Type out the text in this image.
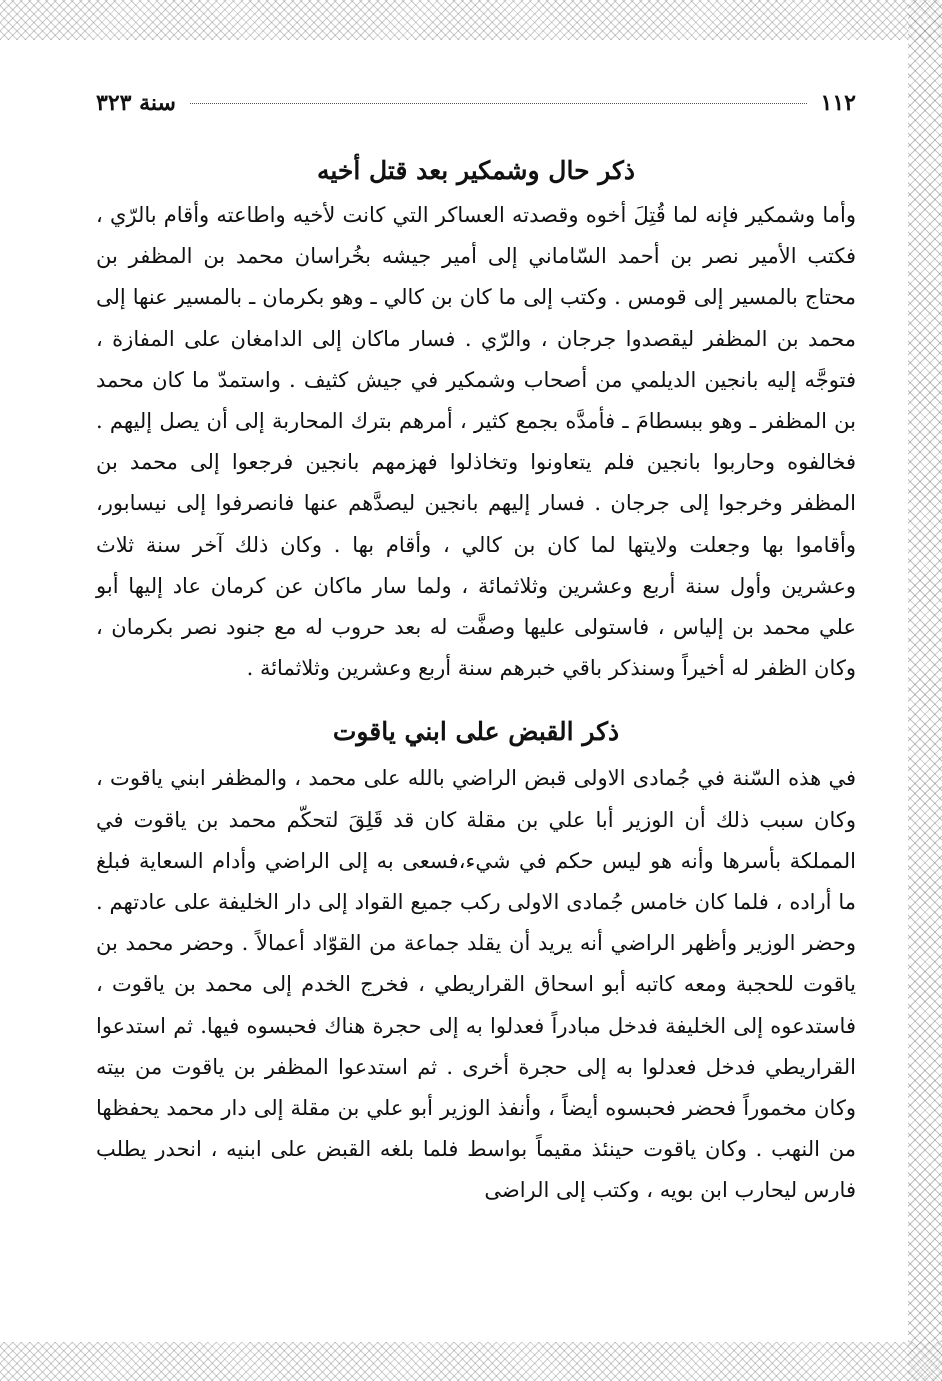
١١٢
سنة ٣٢٣
ذكر حال وشمكير بعد قتل أخيه

وأما وشمكير فإنه لما قُتِلَ أخوه وقصدته العساكر التي كانت لأخيه واطاعته وأقام بالرّي ، فكتب الأمير نصر بن أحمد السّاماني إلى أمير جيشه بخُراسان محمد بن المظفر بن محتاج بالمسير إلى قومس . وكتب إلى ما كان بن كالي ـ وهو بكرمان ـ بالمسير عنها إلى محمد بن المظفر ليقصدوا جرجان ، والرّي . فسار ماكان إلى الدامغان على المفازة ، فتوجَّه إليه بانجين الديلمي من أصحاب وشمكير في جيش كثيف . واستمدّ ما كان محمد بن المظفر ـ وهو ببسطامَ ـ فأمدَّه بجمع كثير ، أمرهم بترك المحاربة إلى أن يصل إليهم . فخالفوه وحاربوا بانجين فلم يتعاونوا وتخاذلوا فهزمهم بانجين فرجعوا إلى محمد بن المظفر وخرجوا إلى جرجان . فسار إليهم بانجين ليصدَّهم عنها فانصرفوا إلى نيسابور، وأقاموا بها وجعلت ولايتها لما كان بن كالي ، وأقام بها . وكان ذلك آخر سنة ثلاث وعشرين وأول سنة أربع وعشرين وثلاثمائة ، ولما سار ماكان عن كرمان عاد إليها أبو علي محمد بن إلياس ، فاستولى عليها وصفَّت له بعد حروب له مع جنود نصر بكرمان ، وكان الظفر له أخيراً وسنذكر باقي خبرهم سنة أربع وعشرين وثلاثمائة .

ذكر القبض على ابني ياقوت

في هذه السّنة في جُمادى الاولى قبض الراضي بالله على محمد ، والمظفر ابني ياقوت ، وكان سبب ذلك أن الوزير أبا علي بن مقلة كان قد قَلِقَ لتحكّم محمد بن ياقوت في المملكة بأسرها وأنه هو ليس حكم في شيء،فسعى به إلى الراضي وأدام السعاية فبلغ ما أراده ، فلما كان خامس جُمادى الاولى ركب جميع القواد إلى دار الخليفة على عادتهم . وحضر الوزير وأظهر الراضي أنه يريد أن يقلد جماعة من القوّاد أعمالاً . وحضر محمد بن ياقوت للحجبة ومعه كاتبه أبو اسحاق القراريطي ، فخرج الخدم إلى محمد بن ياقوت ، فاستدعوه إلى الخليفة فدخل مبادراً فعدلوا به إلى حجرة هناك فحبسوه فيها. ثم استدعوا القراريطي فدخل فعدلوا به إلى حجرة أخرى . ثم استدعوا المظفر بن ياقوت من بيته وكان مخموراً فحضر فحبسوه أيضاً ، وأنفذ الوزير أبو علي بن مقلة إلى دار محمد يحفظها من النهب . وكان ياقوت حينئذ مقيماً بواسط فلما بلغه القبض على ابنيه ، انحدر يطلب فارس ليحارب ابن بويه ، وكتب إلى الراضى
